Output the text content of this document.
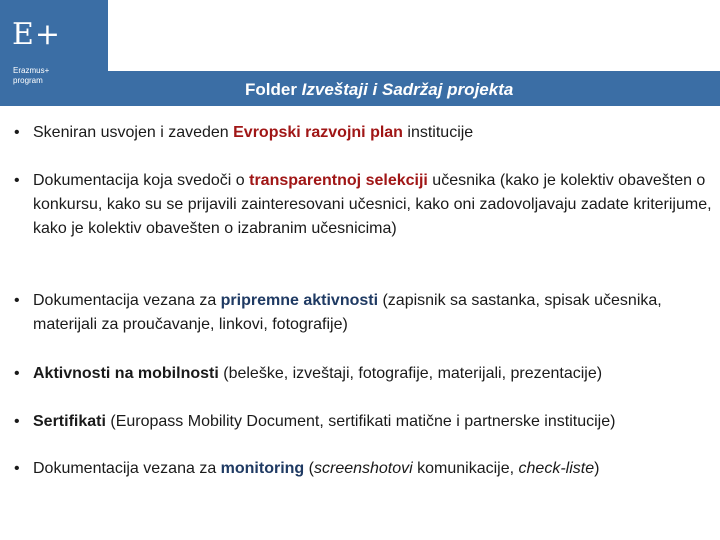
E+
Erazmus+
program	Folder Izveštaji i Sadržaj projekta
• Skeniran usvojen i zaveden Evropski razvojni plan institucije
• Dokumentacija koja svedoči o transparentnoj selekciji učesnika (kako je kolektiv obavešten o konkursu, kako su se prijavili zainteresovani učesnici, kako oni zadovoljavaju zadate kriterijume, kako je kolektiv obavešten o izabranim učesnicima)
• Dokumentacija vezana za pripremne aktivnosti (zapisnik sa sastanka, spisak učesnika, materijali za proučavanje, linkovi, fotografije)
• Aktivnosti na mobilnosti (beleške, izveštaji, fotografije, materijali, prezentacije)
• Sertifikati (Europass Mobility Document, sertifikati matične i partnerske institucije)
• Dokumentacija vezana za monitoring (screenshotovi komunikacije, check-liste)
